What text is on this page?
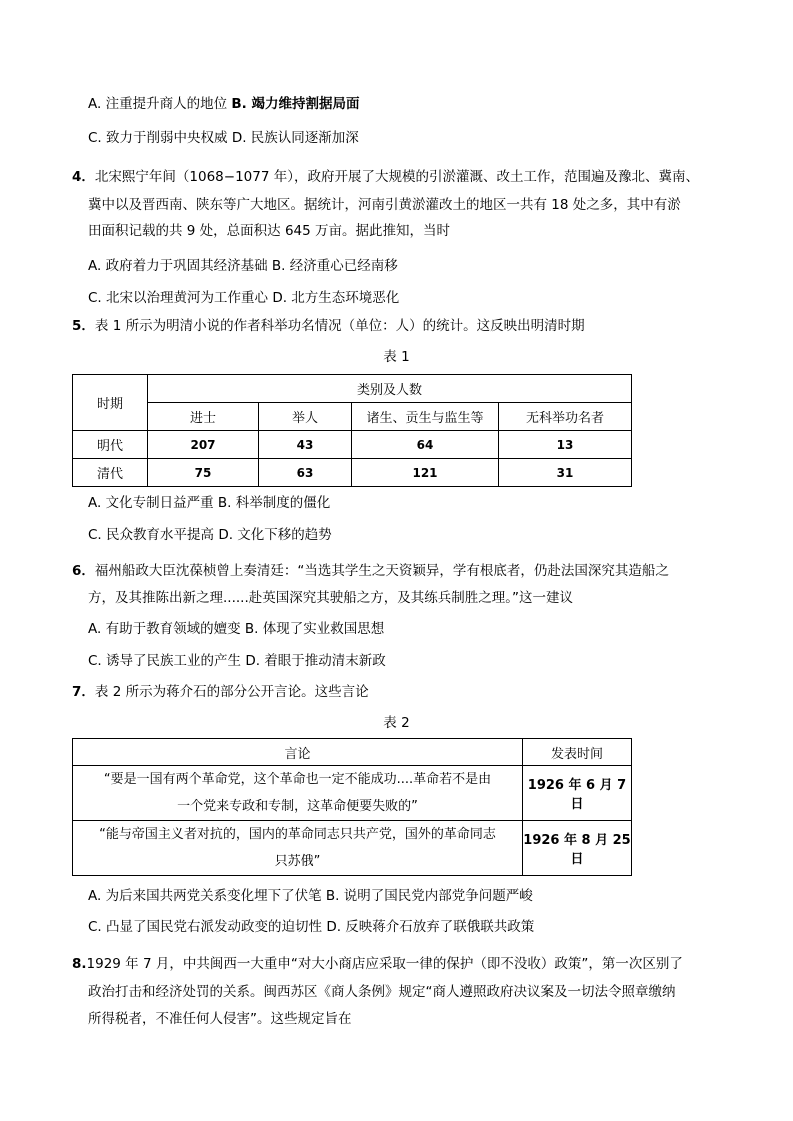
A. 注重提升商人的地位 B. 竭力维持割据局面
C. 致力于削弱中央权威 D. 民族认同逐渐加深
4．北宋熙宁年间（1068−1077 年），政府开展了大规模的引淤灌溉、改土工作，范围遍及豫北、冀南、
冀中以及晋西南、陕东等广大地区。据统计，河南引黄淤灌改土的地区一共有 18 处之多，其中有淤
田面积记载的共 9 处，总面积达 645 万亩。据此推知，当时
A. 政府着力于巩固其经济基础 B. 经济重心已经南移
C. 北宋以治理黄河为工作重心 D. 北方生态环境恶化
5．表 1 所示为明清小说的作者科举功名情况（单位：人）的统计。这反映出明清时期
表 1
时期	类别及人数			
	进士	举人	诸生、贡生与监生等	无科举功名者
明代	207	43	64	13
清代	75	63	121	31
A. 文化专制日益严重 B. 科举制度的僵化
C. 民众教育水平提高 D. 文化下移的趋势
6．福州船政大臣沈葆桢曾上奏清廷：“当选其学生之天资颖异，学有根底者，仍赴法国深究其造船之
方，及其推陈出新之理......赴英国深究其驶船之方，及其练兵制胜之理。”这一建议
A. 有助于教育领域的嬗变 B. 体现了实业救国思想
C. 诱导了民族工业的产生 D. 着眼于推动清末新政
7．表 2 所示为蒋介石的部分公开言论。这些言论
表 2
言论	发表时间

“要是一国有两个革命党，这个革命也一定不能成功....革命若不是由
一个党来专政和专制，这革命便要失败的”	1926 年 6 月 7 日

“能与帝国主义者对抗的，国内的革命同志只共产党，国外的革命同志
只苏俄”	1926 年 8 月 25 日
A. 为后来国共两党关系变化埋下了伏笔 B. 说明了国民党内部党争问题严峻
C. 凸显了国民党右派发动政变的迫切性 D. 反映蒋介石放弃了联俄联共政策
8.1929 年 7 月，中共闽西一大重申“对大小商店应采取一律的保护（即不没收）政策”，第一次区别了
政治打击和经济处罚的关系。闽西苏区《商人条例》规定“商人遵照政府决议案及一切法令照章缴纳
所得税者，不准任何人侵害”。这些规定旨在
